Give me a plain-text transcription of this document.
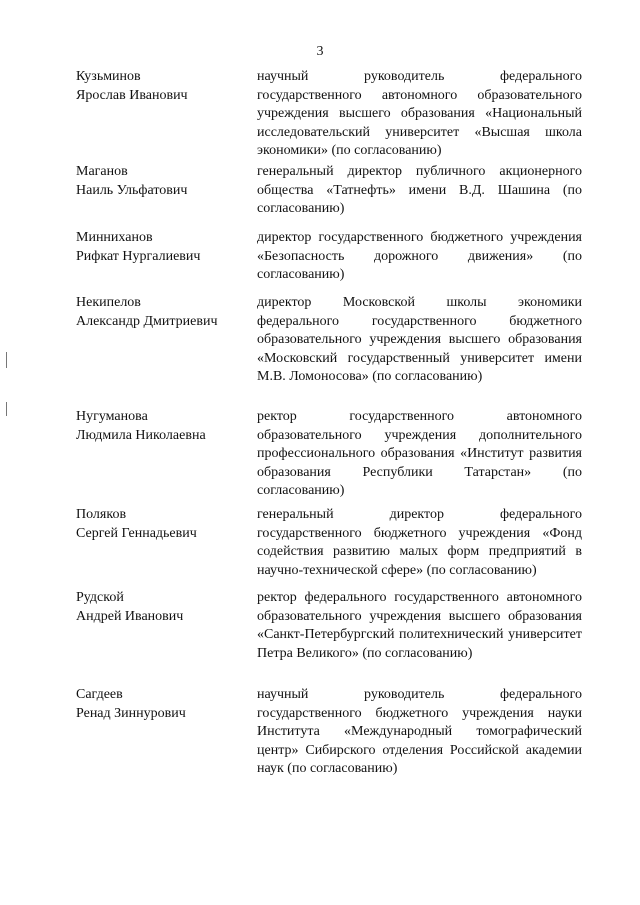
3
Кузьминов
Ярослав Иванович
научный руководитель федерального государственного автономного образовательного учреждения высшего образования «Национальный исследовательский университет «Высшая школа экономики» (по согласованию)
Маганов
Наиль Ульфатович
генеральный директор публичного акционерного общества «Татнефть» имени В.Д. Шашина (по согласованию)
Минниханов
Рифкат Нургалиевич
директор государственного бюджетного учреждения «Безопасность дорожного движения» (по согласованию)
Некипелов
Александр Дмитриевич
директор Московской школы экономики федерального государственного бюджетного образовательного учреждения высшего образования «Московский государственный университет имени М.В. Ломоносова» (по согласованию)
Нугуманова
Людмила Николаевна
ректор государственного автономного образовательного учреждения дополнительного профессионального образования «Институт развития образования Республики Татарстан» (по согласованию)
Поляков
Сергей Геннадьевич
генеральный директор федерального государственного бюджетного учреждения «Фонд содействия развитию малых форм предприятий в научно-технической сфере» (по согласованию)
Рудской
Андрей Иванович
ректор федерального государственного автономного образовательного учреждения высшего образования «Санкт-Петербургский политехнический университет Петра Великого» (по согласованию)
Сагдеев
Ренад Зиннурович
научный руководитель федерального государственного бюджетного учреждения науки Института «Международный томографический центр» Сибирского отделения Российской академии наук (по согласованию)
